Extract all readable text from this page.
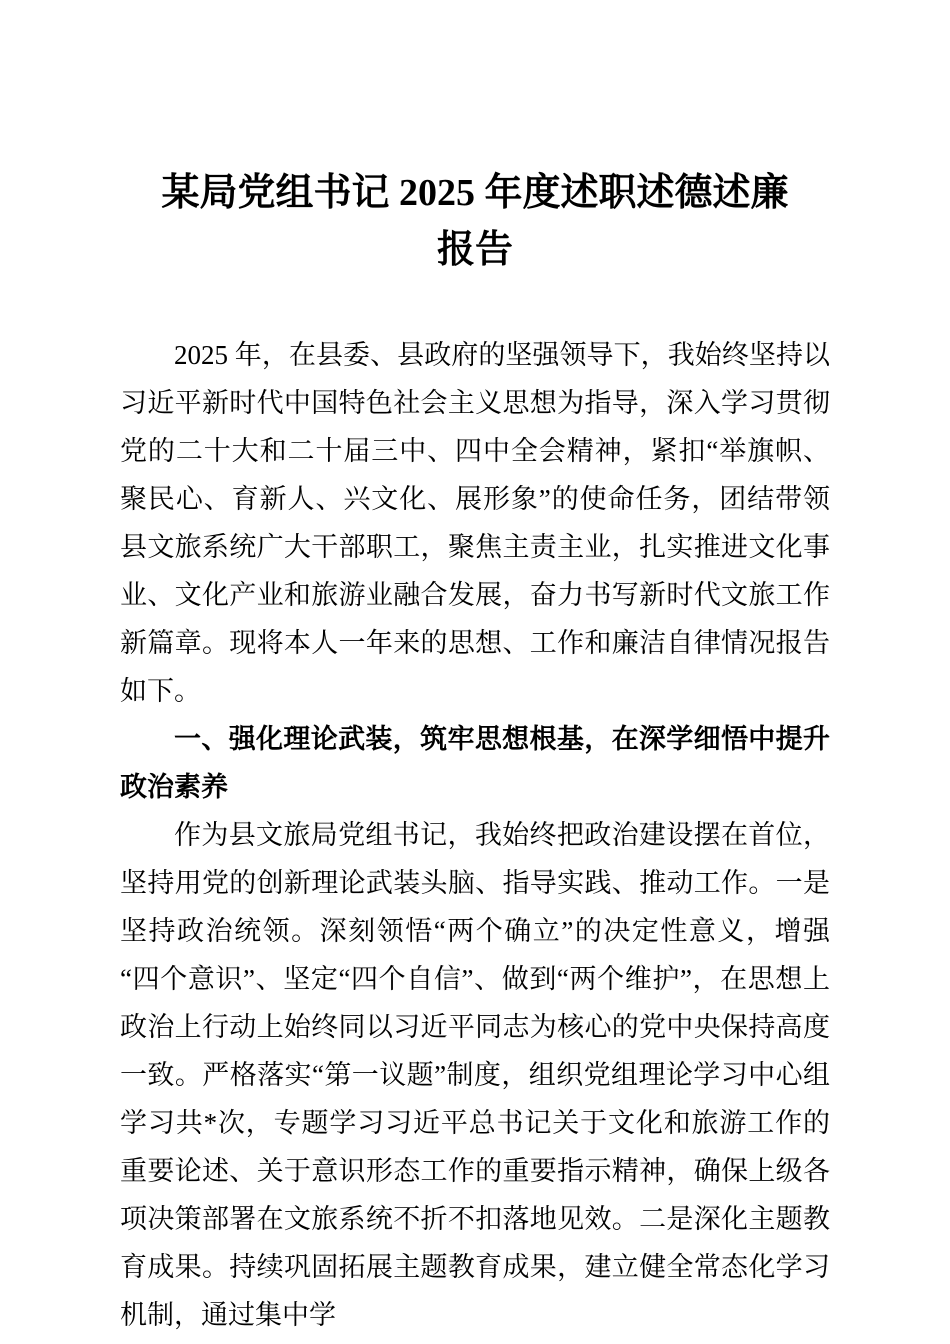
某局党组书记 2025 年度述职述德述廉
报告

2025 年，在县委、县政府的坚强领导下，我始终坚持以习近平新时代中国特色社会主义思想为指导，深入学习贯彻党的二十大和二十届三中、四中全会精神，紧扣“举旗帜、聚民心、育新人、兴文化、展形象”的使命任务，团结带领县文旅系统广大干部职工，聚焦主责主业，扎实推进文化事业、文化产业和旅游业融合发展，奋力书写新时代文旅工作新篇章。现将本人一年来的思想、工作和廉洁自律情况报告如下。

一、强化理论武装，筑牢思想根基，在深学细悟中提升政治素养

作为县文旅局党组书记，我始终把政治建设摆在首位，坚持用党的创新理论武装头脑、指导实践、推动工作。一是坚持政治统领。深刻领悟“两个确立”的决定性意义，增强“四个意识”、坚定“四个自信”、做到“两个维护”，在思想上政治上行动上始终同以习近平同志为核心的党中央保持高度一致。严格落实“第一议题”制度，组织党组理论学习中心组学习共*次，专题学习习近平总书记关于文化和旅游工作的重要论述、关于意识形态工作的重要指示精神，确保上级各项决策部署在文旅系统不折不扣落地见效。二是深化主题教育成果。持续巩固拓展主题教育成果，建立健全常态化学习机制，通过集中学
